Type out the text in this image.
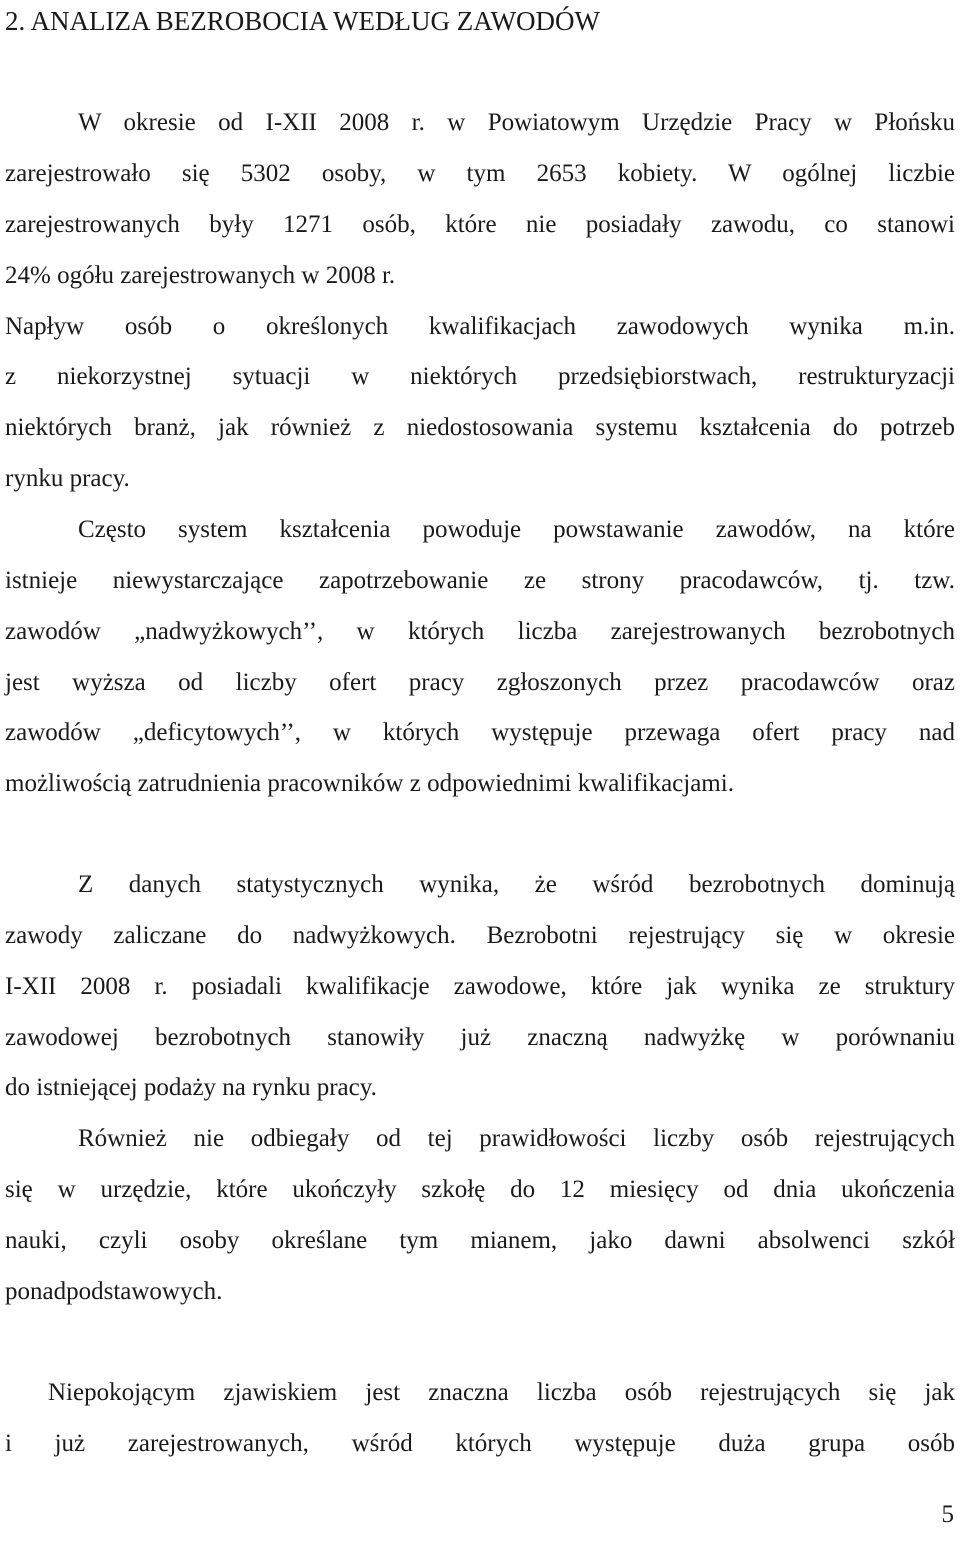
2. ANALIZA BEZROBOCIA WEDŁUG ZAWODÓW
W okresie od I-XII 2008 r. w Powiatowym Urzędzie Pracy w Płońsku
zarejestrowało się 5302 osoby, w tym 2653 kobiety. W ogólnej liczbie
zarejestrowanych były 1271 osób, które nie posiadały zawodu, co stanowi
24% ogółu zarejestrowanych w 2008 r.
Napływ osób o określonych kwalifikacjach zawodowych wynika m.in.
z niekorzystnej sytuacji w niektórych przedsiębiorstwach, restrukturyzacji
niektórych branż, jak również z niedostosowania systemu kształcenia do potrzeb
rynku pracy.
Często system kształcenia powoduje powstawanie zawodów, na które
istnieje niewystarczające zapotrzebowanie ze strony pracodawców, tj. tzw.
zawodów „nadwyżkowych’’, w których liczba zarejestrowanych bezrobotnych
jest wyższa od liczby ofert pracy zgłoszonych przez pracodawców oraz
zawodów „deficytowych’’, w których występuje przewaga ofert pracy nad
możliwością zatrudnienia pracowników z odpowiednimi kwalifikacjami.
Z danych statystycznych wynika, że wśród bezrobotnych dominują
zawody zaliczane do nadwyżkowych. Bezrobotni rejestrujący się w okresie
I-XII 2008 r. posiadali kwalifikacje zawodowe, które jak wynika ze struktury
zawodowej bezrobotnych stanowiły już znaczną nadwyżkę w porównaniu
do istniejącej podaży na rynku pracy.
Również nie odbiegały od tej prawidłowości liczby osób rejestrujących
się w urzędzie, które ukończyły szkołę do 12 miesięcy od dnia ukończenia
nauki, czyli osoby określane tym mianem, jako dawni absolwenci szkół
ponadpodstawowych.
Niepokojącym zjawiskiem jest znaczna liczba osób rejestrujących się jak
i już zarejestrowanych, wśród których występuje duża grupa osób
5
